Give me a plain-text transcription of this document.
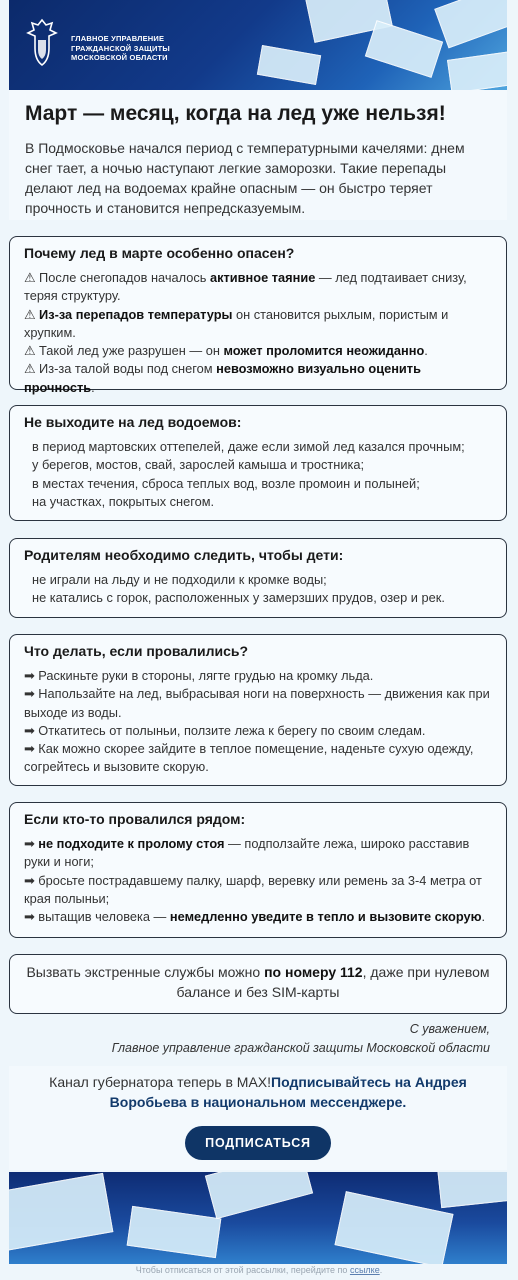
ГЛАВНОЕ УПРАВЛЕНИЕ
ГРАЖДАНСКОЙ ЗАЩИТЫ
МОСКОВСКОЙ ОБЛАСТИ
Март — месяц, когда на лед уже нельзя!

В Подмосковье начался период с температурными качелями: днем снег тает, а ночью наступают легкие заморозки. Такие перепады делают лед на водоемах крайне опасным — он быстро теряет прочность и становится непредсказуемым.

Почему лед в марте особенно опасен?
⚠ После снегопадов началось активное таяние — лед подтаивает снизу,
теряя структуру.
⚠ Из-за перепадов температуры он становится рыхлым, пористым и
хрупким.
⚠ Такой лед уже разрушен — он может проломится неожиданно.
⚠ Из-за талой воды под снегом невозможно визуально оценить прочность.
Не выходите на лед водоемов:
в период мартовских оттепелей, даже если зимой лед казался прочным;
у берегов, мостов, свай, зарослей камыша и тростника;
в местах течения, сброса теплых вод, возле промоин и полыней;
на участках, покрытых снегом.
Родителям необходимо следить, чтобы дети:
не играли на льду и не подходили к кромке воды;
не катались с горок, расположенных у замерзших прудов, озер и рек.
Что делать, если провалились?
➡ Раскиньте руки в стороны, лягте грудью на кромку льда.
➡ Напользайте на лед, выбрасывая ноги на поверхность — движения как при
выходе из воды.
➡ Откатитесь от полыньи, ползите лежа к берегу по своим следам.
➡ Как можно скорее зайдите в теплое помещение, наденьте сухую одежду,
согрейтесь и вызовите скорую.
Если кто-то провалился рядом:
➡ не подходите к пролому стоя — подползайте лежа, широко расставив
руки и ноги;
➡ бросьте пострадавшему палку, шарф, веревку или ремень за 3-4 метра от
края полыньи;
➡ вытащив человека — немедленно уведите в тепло и вызовите скорую.
Вызвать экстренные службы можно по номеру 112, даже при нулевом
балансе и без SIM-карты
С уважением,
Главное управление гражданской защиты Московской области

Канал губернатора теперь в MAX!Подписывайтесь на Андрея
Воробьева в национальном мессенджере.

ПОДПИСАТЬСЯ
Чтобы отписаться от этой рассылки, перейдите по ссылке.
